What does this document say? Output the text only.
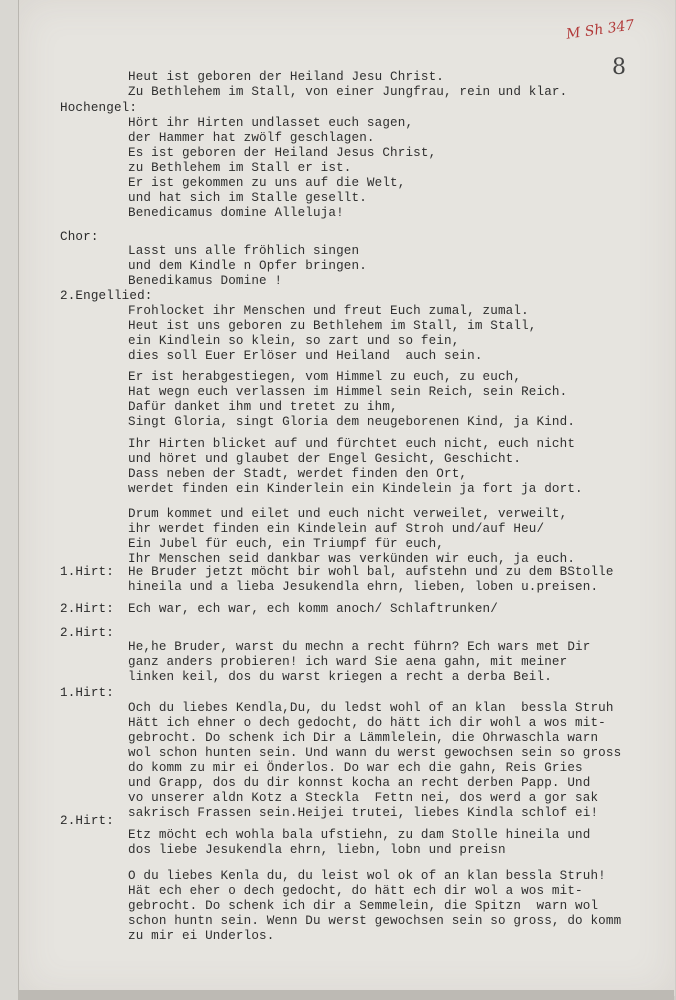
M Sh 347
8
Heut ist geboren der Heiland Jesu Christ.
Zu Bethlehem im Stall, von einer Jungfrau, rein und klar.
Hochengel:
Hört ihr Hirten undlasset euch sagen,
der Hammer hat zwölf geschlagen.
Es ist geboren der Heiland Jesus Christ,
zu Bethlehem im Stall er ist.
Er ist gekommen zu uns auf die Welt,
und hat sich im Stalle gesellt.
Benedicamus domine Alleluja!
Chor:
Lasst uns alle fröhlich singen
und dem Kindle n Opfer bringen.
Benedikamus Domine !
2.Engellied:
Frohlocket ihr Menschen und freut Euch zumal, zumal.
Heut ist uns geboren zu Bethlehem im Stall, im Stall,
ein Kindlein so klein, so zart und so fein,
dies soll Euer Erlöser und Heiland  auch sein.
Er ist herabgestiegen, vom Himmel zu euch, zu euch,
Hat wegn euch verlassen im Himmel sein Reich, sein Reich.
Dafür danket ihm und tretet zu ihm,
Singt Gloria, singt Gloria dem neugeborenen Kind, ja Kind.
Ihr Hirten blicket auf und fürchtet euch nicht, euch nicht
und höret und glaubet der Engel Gesicht, Geschicht.
Dass neben der Stadt, werdet finden den Ort,
werdet finden ein Kinderlein ein Kindelein ja fort ja dort.
Drum kommet und eilet und euch nicht verweilet, verweilt,
ihr werdet finden ein Kindelein auf Stroh und/auf Heu/
Ein Jubel für euch, ein Triumpf für euch,
Ihr Menschen seid dankbar was verkünden wir euch, ja euch.
1.Hirt: He Bruder jetzt möcht bir wohl bal, aufstehn und zu dem BStolle
hineila und a lieba Jesukendla ehrn, lieben, loben u.preisen.
2.Hirt: Ech war, ech war, ech komm anoch/ Schlaftrunken/
2.Hirt:
He,he Bruder, warst du mechn a recht führn? Ech wars met Dir
ganz anders probieren! ich ward Sie aena gahn, mit meiner
linken keil, dos du warst kriegen a recht a derba Beil.
1.Hirt:
Och du liebes Kendla,Du, du ledst wohl of an klan  bessla Struh
Hätt ich ehner o dech gedocht, do hätt ich dir wohl a wos mit-
gebrocht. Do schenk ich Dir a Lämmlelein, die Ohrwaschla warn
wol schon hunten sein. Und wann du werst gewochsen sein so gross
do komm zu mir ei Önderlos. Do war ech die gahn, Reis Gries
und Grapp, dos du dir konnst kocha an recht derben Papp. Und
vo unserer aldn Kotz a Steckla  Fettn nei, dos werd a gor sak
sakrisch Frassen sein.Heijei trutei, liebes Kindla schlof ei!
2.Hirt:
Etz möcht ech wohla bala ufstiehn, zu dam Stolle hineila und
dos liebe Jesukendla ehrn, liebn, lobn und preisn
O du liebes Kenla du, du leist wol ok of an klan bessla Struh!
Hät ech eher o dech gedocht, do hätt ech dir wol a wos mit-
gebrocht. Do schenk ich dir a Semmelein, die Spitzn  warn wol
schon huntn sein. Wenn Du werst gewochsen sein so gross, do komm
zu mir ei Underlos.
